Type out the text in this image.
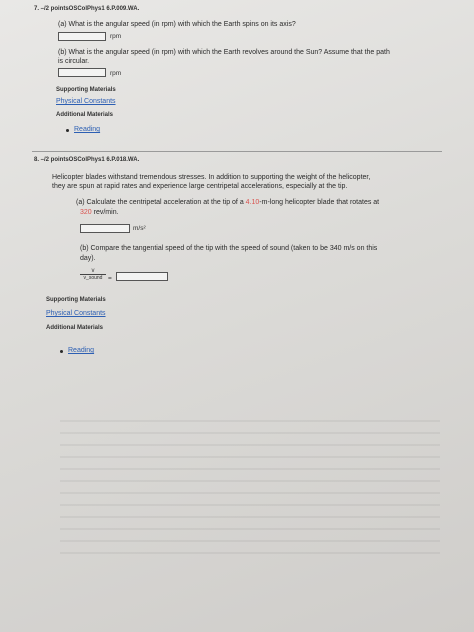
7. –/2 pointsOSColPhys1 6.P.009.WA.
(a) What is the angular speed (in rpm) with which the Earth spins on its axis?
rpm
(b) What is the angular speed (in rpm) with which the Earth revolves around the Sun? Assume that the path
is circular.
rpm
Supporting Materials
Physical Constants
Additional Materials
Reading
8. –/2 pointsOSColPhys1 6.P.018.WA.
Helicopter blades withstand tremendous stresses. In addition to supporting the weight of the helicopter,
they are spun at rapid rates and experience large centripetal accelerations, especially at the tip.
(a) Calculate the centripetal acceleration at the tip of a 4.10-m-long helicopter blade that rotates at
320 rev/min.
m/s²
(b) Compare the tangential speed of the tip with the speed of sound (taken to be 340 m/s on this
day).
v
v_sound =
Supporting Materials
Physical Constants
Additional Materials
Reading
